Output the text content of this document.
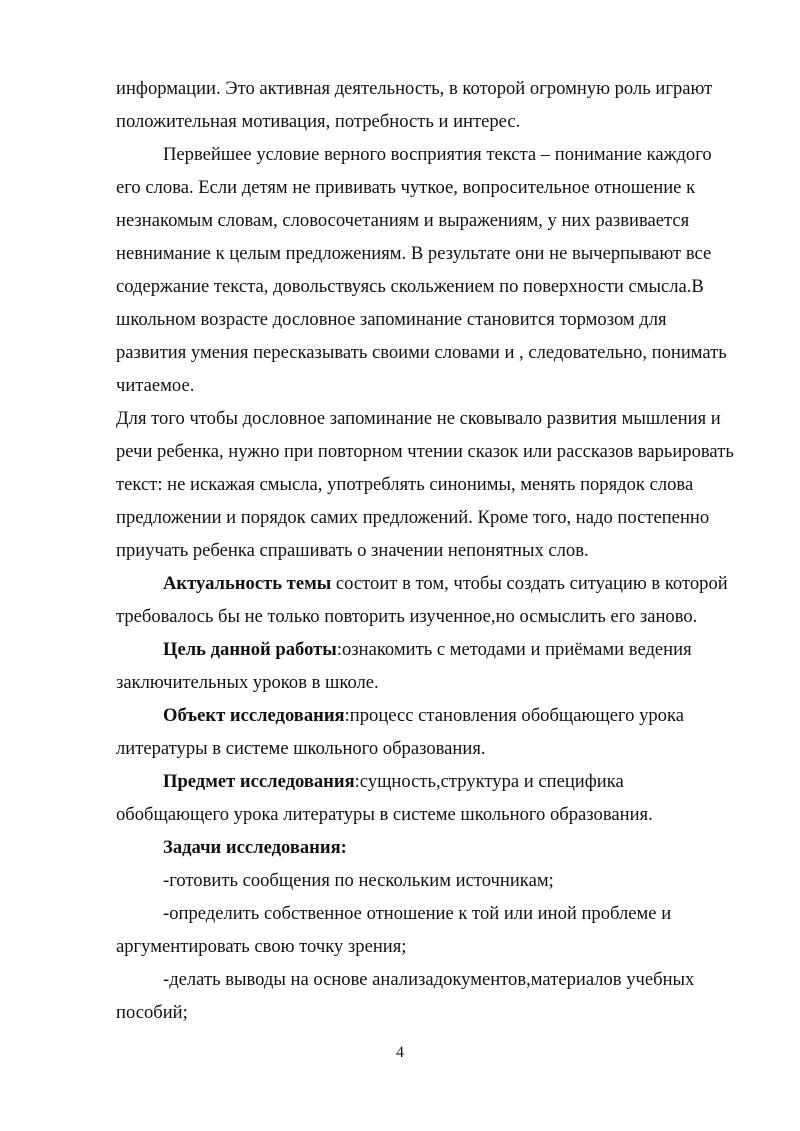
информации. Это активная деятельность, в которой огромную роль играют положительная мотивация, потребность и интерес.

Первейшее условие верного восприятия текста – понимание каждого его слова. Если детям не прививать чуткое, вопросительное отношение к незнакомым словам, словосочетаниям и выражениям, у них развивается невнимание к целым предложениям. В результате они не вычерпывают все содержание текста, довольствуясь скольжением по поверхности смысла.В школьном возрасте дословное запоминание становится тормозом для развития умения пересказывать своими словами и , следовательно, понимать читаемое.

Для того чтобы дословное запоминание не сковывало развития мышления и речи ребенка, нужно при повторном чтении сказок или рассказов варьировать текст: не искажая смысла, употреблять синонимы, менять порядок слова предложении и порядок самих предложений. Кроме того, надо постепенно приучать ребенка спрашивать о значении непонятных слов.

Актуальность темы состоит в том, чтобы создать ситуацию в которой требовалось бы не только повторить изученное,но осмыслить его заново.

Цель данной работы:ознакомить с методами и приёмами ведения заключительных уроков в школе.

Объект исследования:процесс становления обобщающего урока литературы в системе школьного образования.

Предмет исследования:сущность,структура и специфика обобщающего урока литературы в системе школьного образования.

Задачи исследования:

-готовить сообщения по нескольким источникам;

-определить собственное отношение к той или иной проблеме и аргументировать свою точку зрения;

-делать выводы на основе анализадокументов,материалов учебных пособий;

4
